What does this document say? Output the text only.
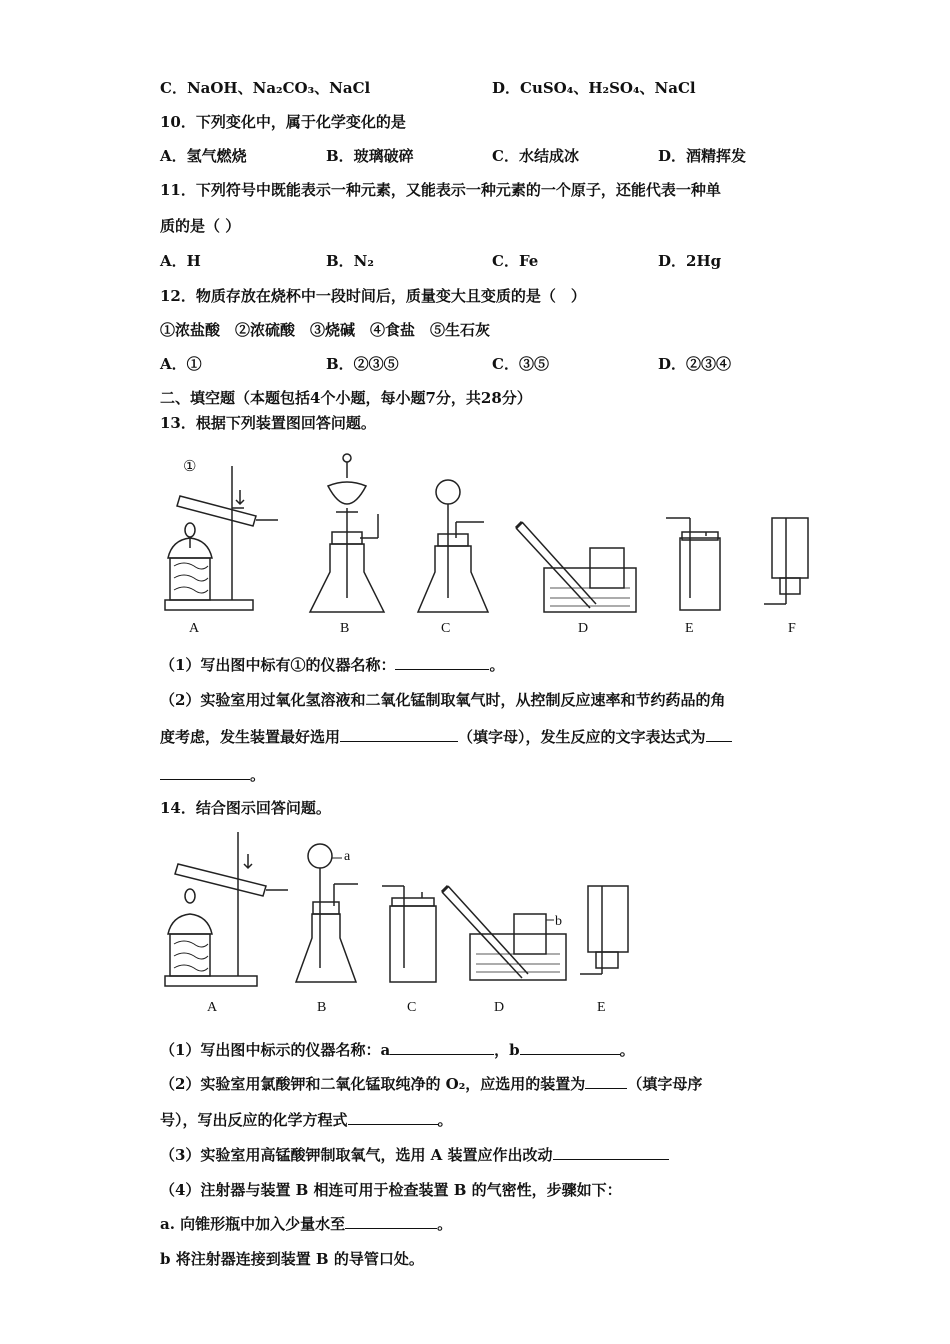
C．NaOH、Na₂CO₃、NaCl	D．CuSO₄、H₂SO₄、NaCl
10．下列变化中，属于化学变化的是
A．氢气燃烧	B．玻璃破碎	C．水结成冰	D．酒精挥发
11．下列符号中既能表示一种元素，又能表示一种元素的一个原子，还能代表一种单
质的是（ ）
A．H	B．N₂	C．Fe	D．2Hg
12．物质存放在烧杯中一段时间后，质量变大且变质的是（　）
①浓盐酸　②浓硫酸　③烧碱　④食盐　⑤生石灰
A．①	B．②③⑤	C．③⑤	D．②③④
二、填空题（本题包括4个小题，每小题7分，共28分）
13．根据下列装置图回答问题。
①
A	B	C	D	E	F
（1）写出图中标有①的仪器名称：	。
（2）实验室用过氧化氢溶液和二氧化锰制取氧气时，从控制反应速率和节约药品的角
度考虑，发生装置最好选用	（填字母），发生反应的文字表达式为
。
14．结合图示回答问题。
a
b
A	B	C	D	E
（1）写出图中标示的仪器名称：a	，b	。
（2）实验室用氯酸钾和二氧化锰取纯净的 O₂，应选用的装置为	（填字母序
号），写出反应的化学方程式	。
（3）实验室用高锰酸钾制取氧气，选用 A 装置应作出改动
（4）注射器与装置 B 相连可用于检查装置 B 的气密性，步骤如下：
a. 向锥形瓶中加入少量水至	。
b 将注射器连接到装置 B 的导管口处。
